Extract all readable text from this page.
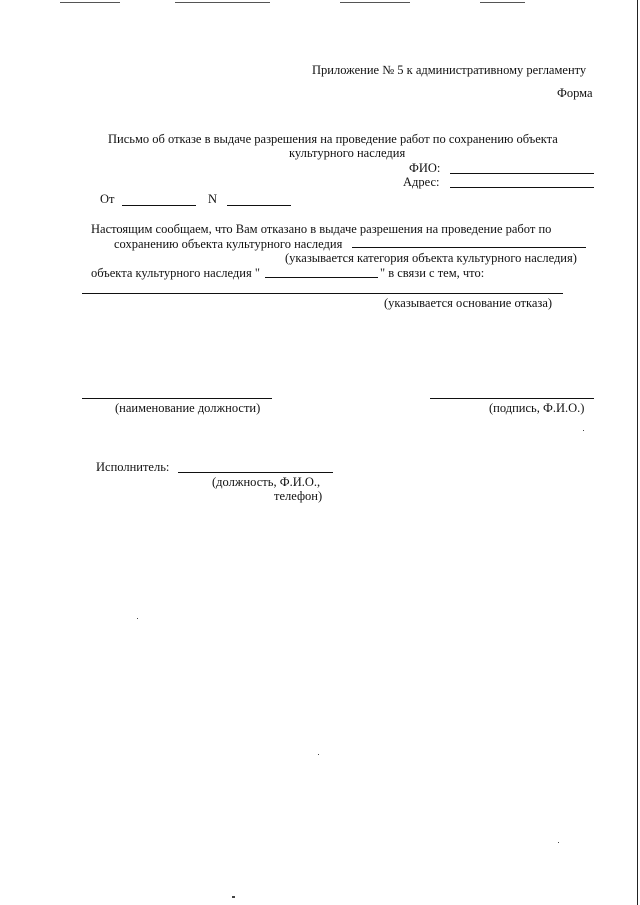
Приложение № 5 к административному регламенту
Форма
Письмо об отказе в выдаче разрешения на проведение работ по сохранению объекта
культурного наследия
ФИО:
Адрес:
От	N
Настоящим сообщаем, что Вам отказано в выдаче разрешения на проведение работ по
сохранению объекта культурного наследия
(указывается категория объекта культурного наследия)
объекта культурного наследия "	" в связи с тем, что:
(указывается основание отказа)
(наименование должности)	(подпись, Ф.И.О.)
Исполнитель:
(должность, Ф.И.О.,
телефон)
